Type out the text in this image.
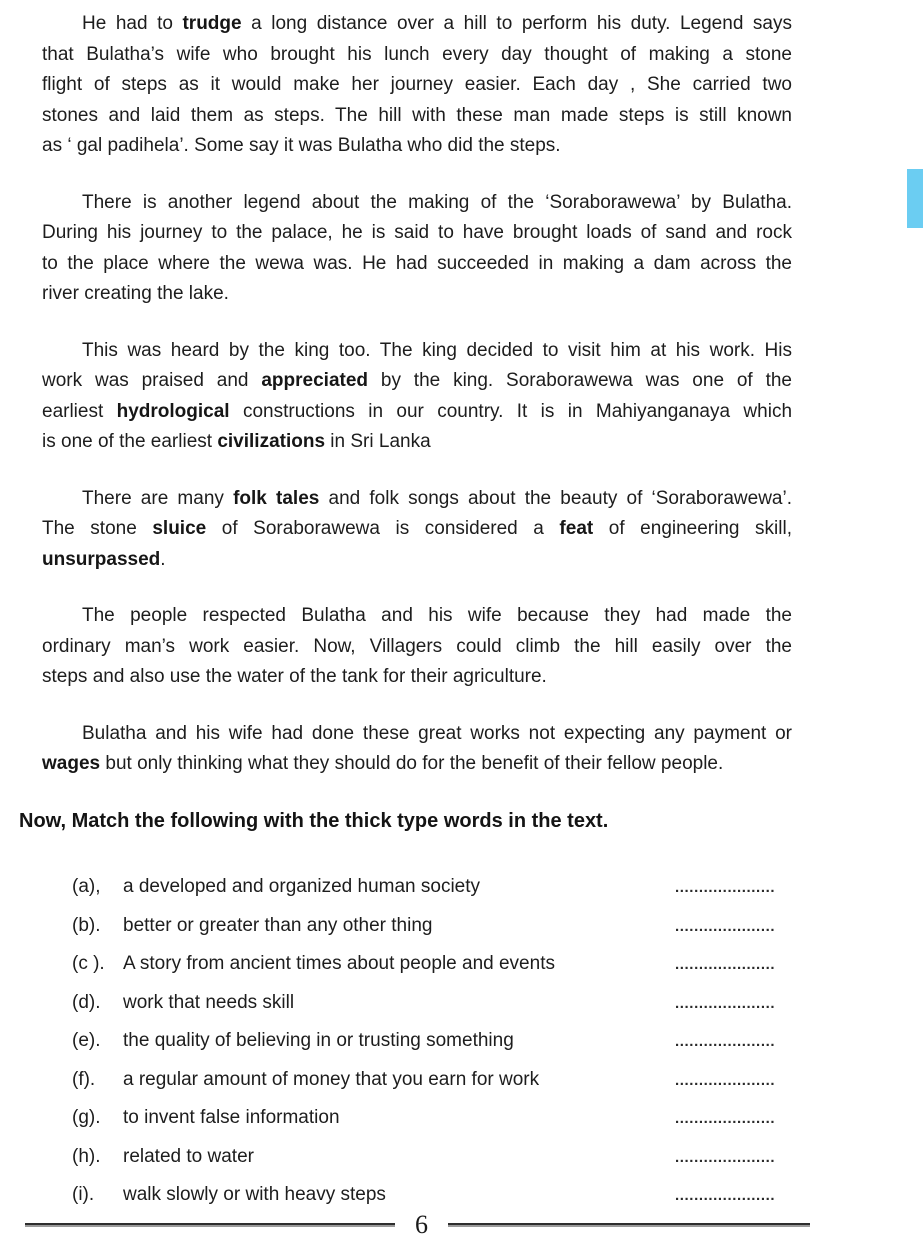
He had to trudge a long distance over a hill to perform his duty. Legend says
that Bulatha’s wife who brought his lunch every day thought of making a stone
flight of steps as it would make her journey easier. Each day , She carried two
stones and laid them as steps. The hill with these man made steps is still known
as ‘ gal padihela’. Some say it was Bulatha who did the steps.
There is another legend about the making of the ‘Soraborawewa’ by Bulatha.
During his journey to the palace, he is said to have brought loads of sand and rock
to the place where the wewa was. He had succeeded in making a dam across the
river creating the lake.
This was heard by the king too. The king decided to visit him at his work. His
work was praised and appreciated by the king. Soraborawewa was one of the
earliest hydrological constructions in our country. It is in Mahiyanganaya which
is one of the earliest civilizations in Sri Lanka
There are many folk tales and folk songs about the beauty of ‘Soraborawewa’.
The stone sluice of Soraborawewa is considered a feat of engineering skill,
unsurpassed.
The people respected Bulatha and his wife because they had made the
ordinary man’s work easier. Now, Villagers could climb the hill easily over the
steps and also use the water of the tank for their agriculture.
Bulatha and his wife had done these great works not expecting any payment or
wages but only thinking what they should do for the benefit of their fellow people.
Now, Match the following with the thick type words in the text.
(a),	a developed and organized human society	.....................
(b).	better or greater than any other thing	.....................
(c ). A story from ancient times about people and events	.....................
(d).	work that needs skill	.....................
(e).	the quality of believing in or trusting something	.....................
(f).	a regular amount of money that you earn for work	.....................
(g).	to invent false information	.....................
(h).	related to water	.....................
(i).	walk slowly or with heavy steps	.....................
6
